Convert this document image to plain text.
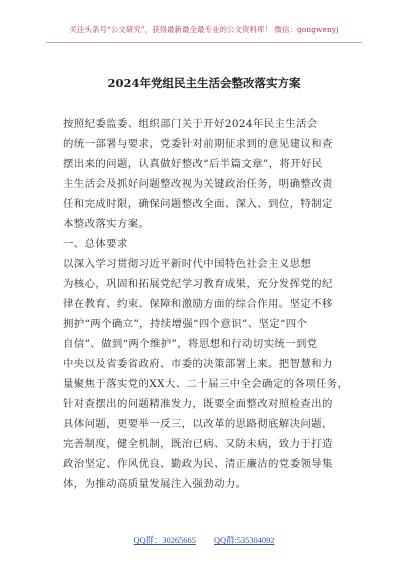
关注头条号“公文研究”，获得最新最全最专业的公文资料库！ 微信：gongwenyj
2024年党组民主生活会整改落实方案
按照纪委监委、组织部门关于开好2024年民主生活会
的统一部署与要求，党委针对前期征求到的意见建议和查
摆出来的问题，认真做好整改“后半篇文章”，将开好民
主生活会及抓好问题整改视为关键政治任务，明确整改责
任和完成时限，确保问题整改全面、深入、到位，特制定
本整改落实方案。
一、总体要求
以深入学习贯彻习近平新时代中国特色社会主义思想
为核心，巩固和拓展党纪学习教育成果，充分发挥党的纪
律在教育、约束、保障和激励方面的综合作用。坚定不移
拥护“两个确立”，持续增强“四个意识”、坚定“四个
自信”、做到“两个维护”，将思想和行动切实统一到党
中央以及省委省政府、市委的决策部署上来。把智慧和力
量聚焦于落实党的XX大、二十届三中全会确定的各项任务，
针对查摆出的问题精准发力，既要全面整改对照检查出的
具体问题，更要举一反三，以改革的思路彻底解决问题，
完善制度，健全机制，既治已病、又防未病，致力于打造
政治坚定、作风优良、勤政为民、清正廉洁的党委领导集
体，为推动高质量发展注入强劲动力。
QQ群：30265665 QQ群:535304092
